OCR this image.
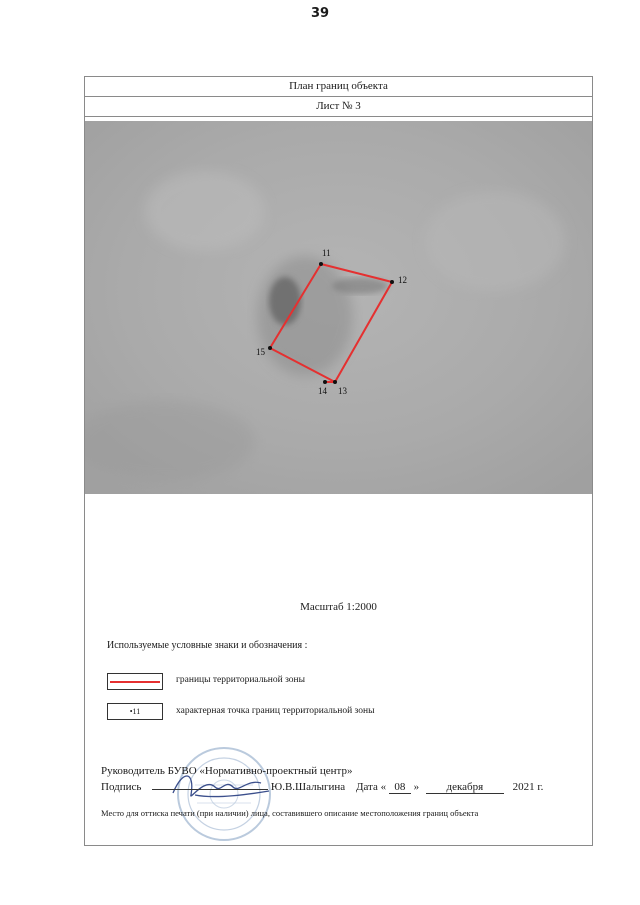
39
План границ объекта
Лист № 3
11
12
13
14
15
Масштаб 1:2000
Используемые условные знаки и обозначения :
границы территориальной зоны
•11	характерная точка границ территориальной зоны
Руководитель БУВО «Нормативно-проектный центр»
Подпись	Ю.В.Шалыгина Дата « 08 » декабря	2021 г.
Место для оттиска печати (при наличии) лица, составившего описание местоположения границ объекта
